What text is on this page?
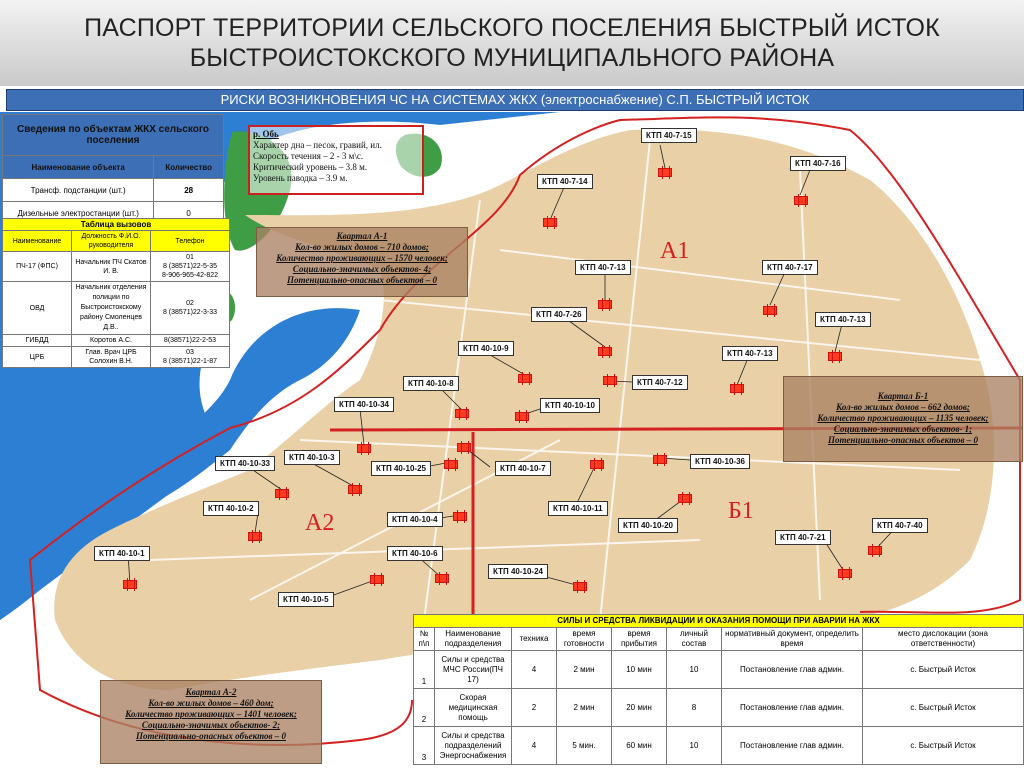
ПАСПОРТ ТЕРРИТОРИИ СЕЛЬСКОГО ПОСЕЛЕНИЯ БЫСТРЫЙ ИСТОК
БЫСТРОИСТОКСКОГО МУНИЦИПАЛЬНОГО РАЙОНА
РИСКИ ВОЗНИКНОВЕНИЯ ЧС НА СИСТЕМАХ ЖКХ (электроснабжение) С.П. БЫСТРЫЙ ИСТОК
А1
А2	Б1
КТП 40-7-15
КТП 40-7-16
КТП 40-7-14
КТП 40-7-13	КТП 40-7-17
КТП 40-7-26
КТП 40-7-13
КТП 40-10-9
КТП 40-7-13
КТП 40-10-8	КТП 40-7-12
КТП 40-10-34	КТП 40-10-10
КТП 40-10-33
КТП 40-10-3
КТП 40-10-25	КТП 40-10-7
КТП 40-10-36
КТП 40-10-2	КТП 40-10-11
КТП 40-10-4
КТП 40-10-20	КТП 40-7-40
КТП 40-7-21
КТП 40-10-1	КТП 40-10-6
КТП 40-10-24
КТП 40-10-5
р. Обь
Характер дна – песок, гравий, ил.
Скорость течения – 2 - 3 м\с.
Критический уровень – 3.8 м.
Уровень паводка – 3.9 м.
Квартал А-1
Кол-во жилых домов – 710 домов;
Количество проживающих – 1570 человек;
Социально-значимых объектов- 4;
Потенциально-опасных объектов – 0
Квартал Б-1
Кол-во жилых домов – 662 домов;
Количество проживающих – 1135 человек;
Социально-значимых объектов- 1;
Потенциально-опасных объектов – 0
Квартал А-2
Кол-во жилых домов – 460 дом;
Количество проживающих – 1401 человек;
Социально-значимых объектов- 2;
Потенциально-опасных объектов – 0
Сведения по объектам ЖКХ сельского поселения	
Наименование объекта	Количество
Трансф. подстанции (шт.)	28
Дизельные электростанции (шт.)	0
Таблица вызовов		
Наименование	Должность Ф.И.О. руководителя	Телефон
ПЧ-17 (ФПС)	Начальник ПЧ Скатов И. В.	01
8 (38571)22-5-35
8-906-965-42-822
ОВД	Начальник отделения полиции по Быстроистокскому району Смоленцев Д.В..	02
8 (38571)22-3-33
ГИБДД	Коротов А.С.	8(38571)22-2-53
ЦРБ	Глав. Врач ЦРБ Солохин В.Н.	03
8 (38571)22-1-87
СИЛЫ И СРЕДСТВА ЛИКВИДАЦИИ И ОКАЗАНИЯ ПОМОЩИ ПРИ АВАРИИ НА ЖКХ							
№ п\п	Наименование подразделения	техника	время готовности	время прибытия	личный состав	нормативный документ, определить время	место дислокации (зона ответственности)
1	Силы и средства МЧС России(ПЧ 17)	4	2 мин	10 мин	10	Постановление глав админ.	с. Быстрый Исток
2	Скорая медицинская помощь	2	2 мин	20 мин	8	Постановление глав админ.	с. Быстрый Исток
3	Силы и средства подразделений Энергоснабжения	4	5 мин.	60 мин	10	Постановление глав админ.	с. Быстрый Исток
